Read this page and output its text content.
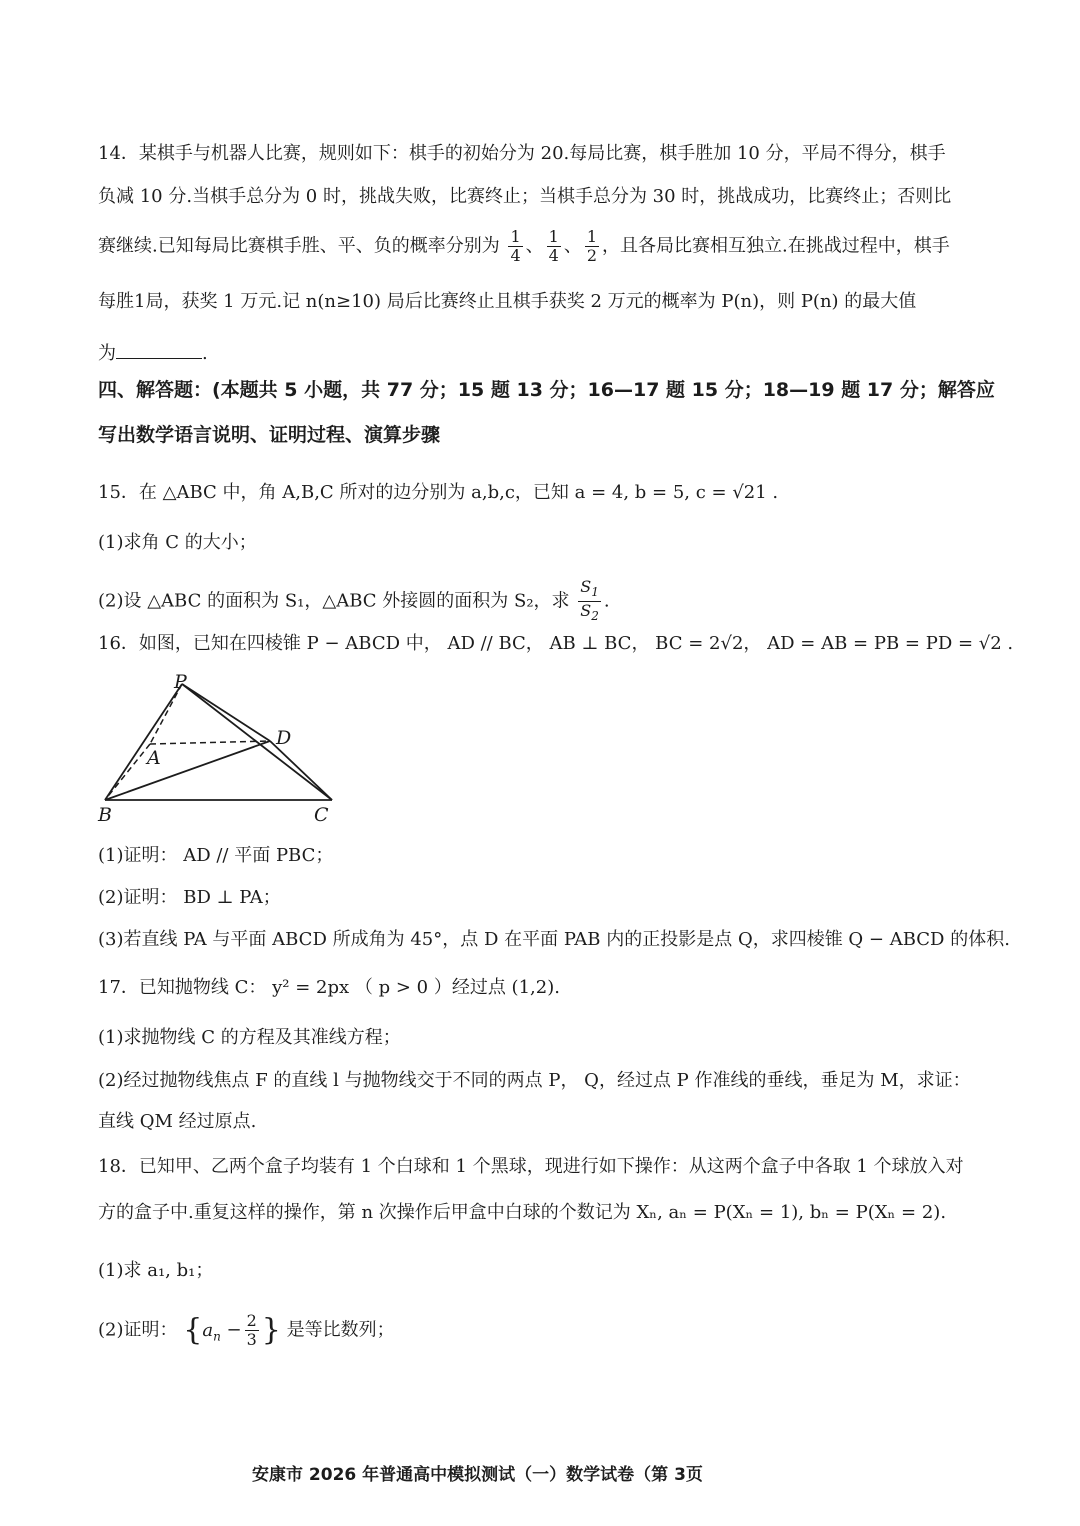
14．某棋手与机器人比赛，规则如下：棋手的初始分为 20.每局比赛，棋手胜加 10 分，平局不得分，棋手
负减 10 分.当棋手总分为 0 时，挑战失败，比赛终止；当棋手总分为 30 时，挑战成功，比赛终止；否则比
赛继续.已知每局比赛棋手胜、平、负的概率分别为 $\frac{1}{4}$ 、 $\frac{1}{4}$ 、 $\frac{1}{2}$ ，且各局比赛相互独立.在挑战过程中，棋手
每胜1局，获奖 1 万元.记 n(n≥10) 局后比赛终止且棋手获奖 2 万元的概率为 P(n)，则 P(n) 的最大值
为	.
四、解答题：(本题共 5 小题，共 77 分；15 题 13 分；16—17 题 15 分；18—19 题 17 分；解答应
写出数学语言说明、证明过程、演算步骤
15．在 △ABC 中，角 A,B,C 所对的边分别为 a,b,c，已知 a = 4, b = 5, c = √21 .
(1)求角 C 的大小；
(2)设 △ABC 的面积为 S₁，△ABC 外接圆的面积为 S₂，求 $\frac{S_1}{S_2}$ .
16．如图，已知在四棱锥 P − ABCD 中， AD // BC， AB ⊥ BC， BC = 2√2， AD = AB = PB = PD = √2 .
P
A
D
B	C
(1)证明： AD // 平面 PBC；
(2)证明： BD ⊥ PA；
(3)若直线 PA 与平面 ABCD 所成角为 45°，点 D 在平面 PAB 内的正投影是点 Q，求四棱锥 Q − ABCD 的体积.
17．已知抛物线 C： y² = 2px （ p > 0 ）经过点 (1,2).
(1)求抛物线 C 的方程及其准线方程；
(2)经过抛物线焦点 F 的直线 l 与抛物线交于不同的两点 P， Q，经过点 P 作准线的垂线，垂足为 M，求证：
直线 QM 经过原点.
18．已知甲、乙两个盒子均装有 1 个白球和 1 个黑球，现进行如下操作：从这两个盒子中各取 1 个球放入对
方的盒子中.重复这样的操作，第 n 次操作后甲盒中白球的个数记为 Xₙ, aₙ = P(Xₙ = 1), bₙ = P(Xₙ = 2).
(1)求 a₁, b₁；
(2)证明： {$a_n - \frac{2}{3}$ } 是等比数列；
安康市 2026 年普通高中模拟测试（一）数学试卷（第 3页
